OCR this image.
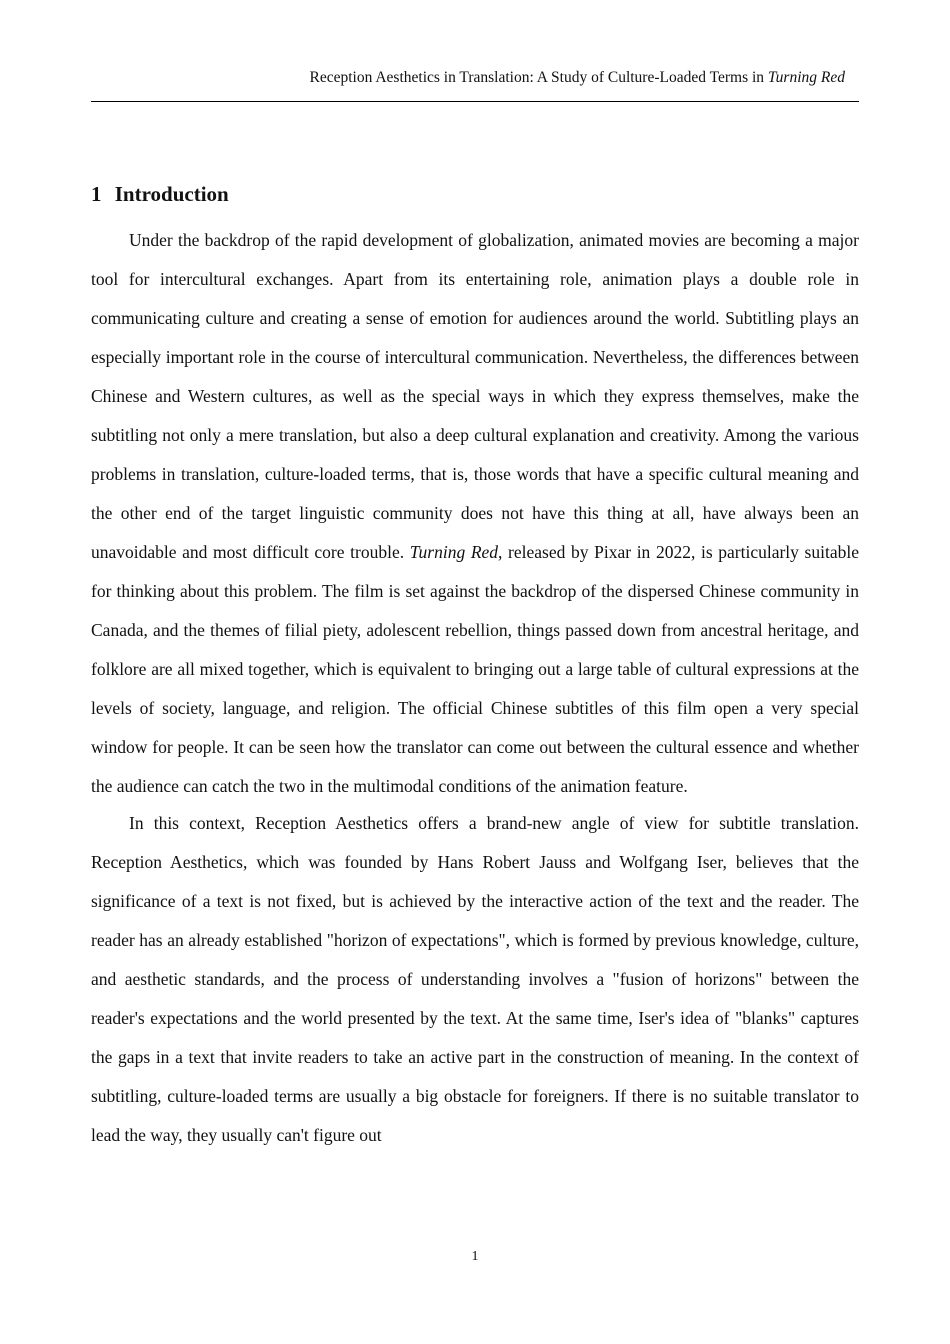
Reception Aesthetics in Translation: A Study of Culture-Loaded Terms in Turning Red
1 Introduction

Under the backdrop of the rapid development of globalization, animated movies are becoming a major tool for intercultural exchanges. Apart from its entertaining role, animation plays a double role in communicating culture and creating a sense of emotion for audiences around the world. Subtitling plays an especially important role in the course of intercultural communication. Nevertheless, the differences between Chinese and Western cultures, as well as the special ways in which they express themselves, make the subtitling not only a mere translation, but also a deep cultural explanation and creativity. Among the various problems in translation, culture-loaded terms, that is, those words that have a specific cultural meaning and the other end of the target linguistic community does not have this thing at all, have always been an unavoidable and most difficult core trouble. Turning Red, released by Pixar in 2022, is particularly suitable for thinking about this problem. The film is set against the backdrop of the dispersed Chinese community in Canada, and the themes of filial piety, adolescent rebellion, things passed down from ancestral heritage, and folklore are all mixed together, which is equivalent to bringing out a large table of cultural expressions at the levels of society, language, and religion. The official Chinese subtitles of this film open a very special window for people. It can be seen how the translator can come out between the cultural essence and whether the audience can catch the two in the multimodal conditions of the animation feature.

In this context, Reception Aesthetics offers a brand-new angle of view for subtitle translation. Reception Aesthetics, which was founded by Hans Robert Jauss and Wolfgang Iser, believes that the significance of a text is not fixed, but is achieved by the interactive action of the text and the reader. The reader has an already established "horizon of expectations", which is formed by previous knowledge, culture, and aesthetic standards, and the process of understanding involves a "fusion of horizons" between the reader's expectations and the world presented by the text. At the same time, Iser's idea of "blanks" captures the gaps in a text that invite readers to take an active part in the construction of meaning. In the context of subtitling, culture-loaded terms are usually a big obstacle for foreigners. If there is no suitable translator to lead the way, they usually can't figure out

1
